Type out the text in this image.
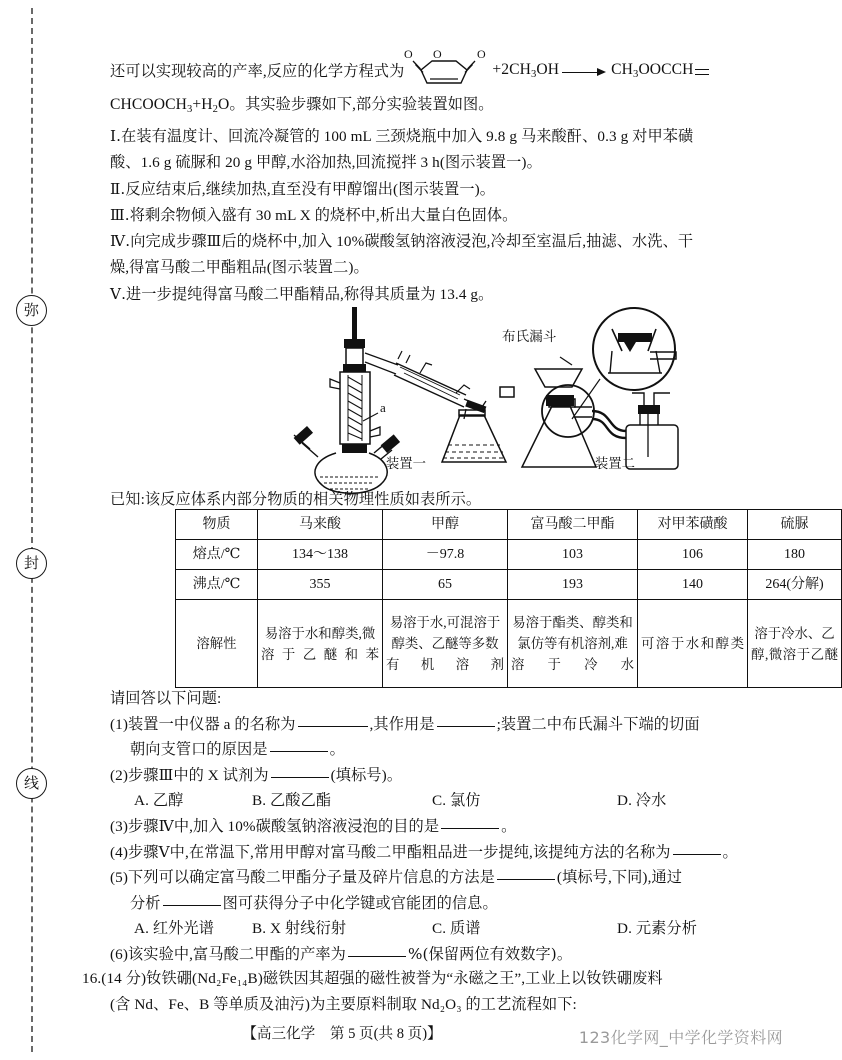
弥
封
线
还可以实现较高的产率,反应的化学方程式为
O
O	O
$+2CH_3OH$	$CH_3OOCCH$
$CHCOOCH_3+H_2O$。其实验步骤如下,部分实验装置如图。
Ⅰ.在装有温度计、回流冷凝管的 100 mL 三颈烧瓶中加入 9.8 g 马来酸酐、0.3 g 对甲苯磺
酸、1.6 g 硫脲和 20 g 甲醇,水浴加热,回流搅拌 3 h(图示装置一)。
Ⅱ.反应结束后,继续加热,直至没有甲醇馏出(图示装置一)。
Ⅲ.将剩余物倾入盛有 30 mL X 的烧杯中,析出大量白色固体。
Ⅳ.向完成步骤Ⅲ后的烧杯中,加入 10%碳酸氢钠溶液浸泡,冷却至室温后,抽滤、水洗、干
燥,得富马酸二甲酯粗品(图示装置二)。
Ⅴ.进一步提纯得富马酸二甲酯精品,称得其质量为 13.4 g。
a
装置一
布氏漏斗
装置二
已知:该反应体系内部分物质的相关物理性质如表所示。
物质	马来酸	甲醇	富马酸二甲酯	对甲苯磺酸	硫脲
熔点/℃	134～138	－97.8	103	106	180
沸点/℃	355	65	193	140	264(分解)
溶解性	易溶于水和醇类,微溶于乙醚和苯	易溶于水,可混溶于醇类、乙醚等多数有机溶剂	易溶于酯类、醇类和氯仿等有机溶剂,难溶于冷水	可溶于水和醇类	溶于冷水、乙醇,微溶于乙醚
请回答以下问题:
(1)装置一中仪器 a 的名称为	,其作用是	;装置二中布氏漏斗下端的切面
朝向支管口的原因是	。
(2)步骤Ⅲ中的 X 试剂为	(填标号)。
A. 乙醇	B. 乙酸乙酯	C. 氯仿	D. 冷水
(3)步骤Ⅳ中,加入 10%碳酸氢钠溶液浸泡的目的是	。
(4)步骤Ⅴ中,在常温下,常用甲醇对富马酸二甲酯粗品进一步提纯,该提纯方法的名称为	。
(5)下列可以确定富马酸二甲酯分子量及碎片信息的方法是	(填标号,下同),通过
分析	图可获得分子中化学键或官能团的信息。
A. 红外光谱	B. X 射线衍射	C. 质谱	D. 元素分析
(6)该实验中,富马酸二甲酯的产率为	%(保留两位有效数字)。
16.(14 分)钕铁硼(Nd₂Fe₁₄B)磁铁因其超强的磁性被誉为“永磁之王”,工业上以钕铁硼废料
(含 Nd、Fe、B 等单质及油污)为主要原料制取 Nd₂O₃ 的工艺流程如下:
【高三化学　第 5 页(共 8 页)】	123化学网_中学化学资料网
